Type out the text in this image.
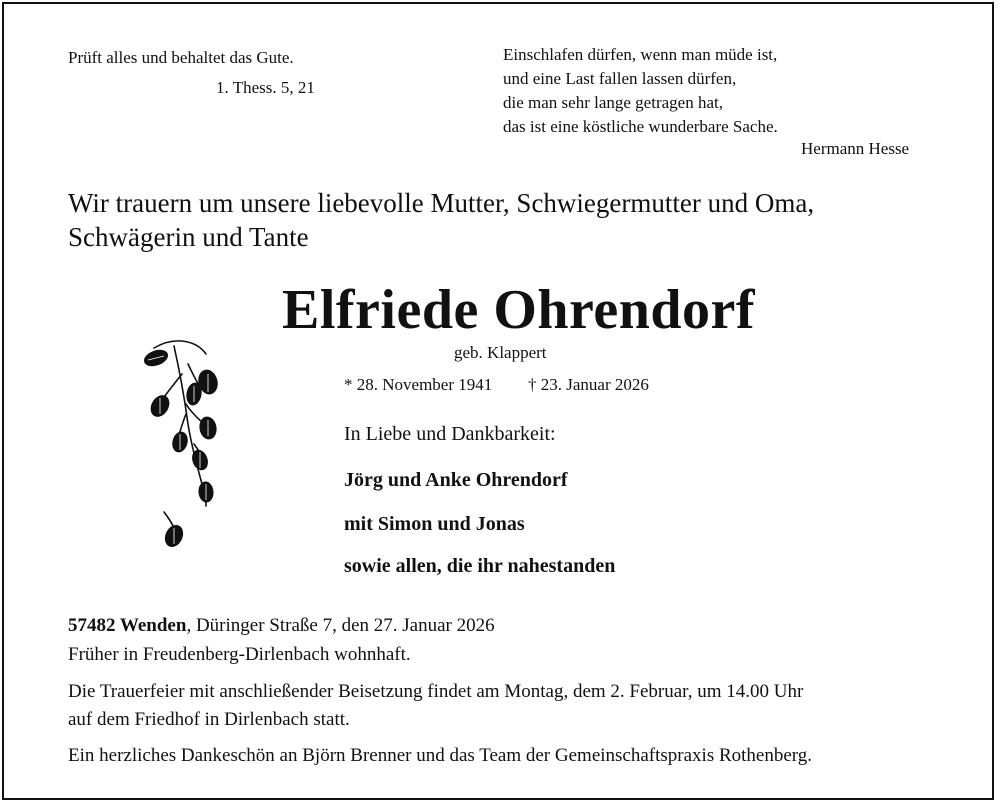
Prüft alles und behaltet das Gute.
1. Thess. 5, 21
Einschlafen dürfen, wenn man müde ist,
und eine Last fallen lassen dürfen,
die man sehr lange getragen hat,
das ist eine köstliche wunderbare Sache.
Hermann Hesse
Wir trauern um unsere liebevolle Mutter, Schwiegermutter und Oma,
Schwägerin und Tante
Elfriede Ohrendorf
geb. Klappert
* 28. November 1941 † 23. Januar 2026
In Liebe und Dankbarkeit:
Jörg und Anke Ohrendorf
mit Simon und Jonas
sowie allen, die ihr nahestanden
57482 Wenden, Düringer Straße 7, den 27. Januar 2026
Früher in Freudenberg-Dirlenbach wohnhaft.
Die Trauerfeier mit anschließender Beisetzung findet am Montag, dem 2. Februar, um 14.00 Uhr
auf dem Friedhof in Dirlenbach statt.
Ein herzliches Dankeschön an Björn Brenner und das Team der Gemeinschaftspraxis Rothenberg.
